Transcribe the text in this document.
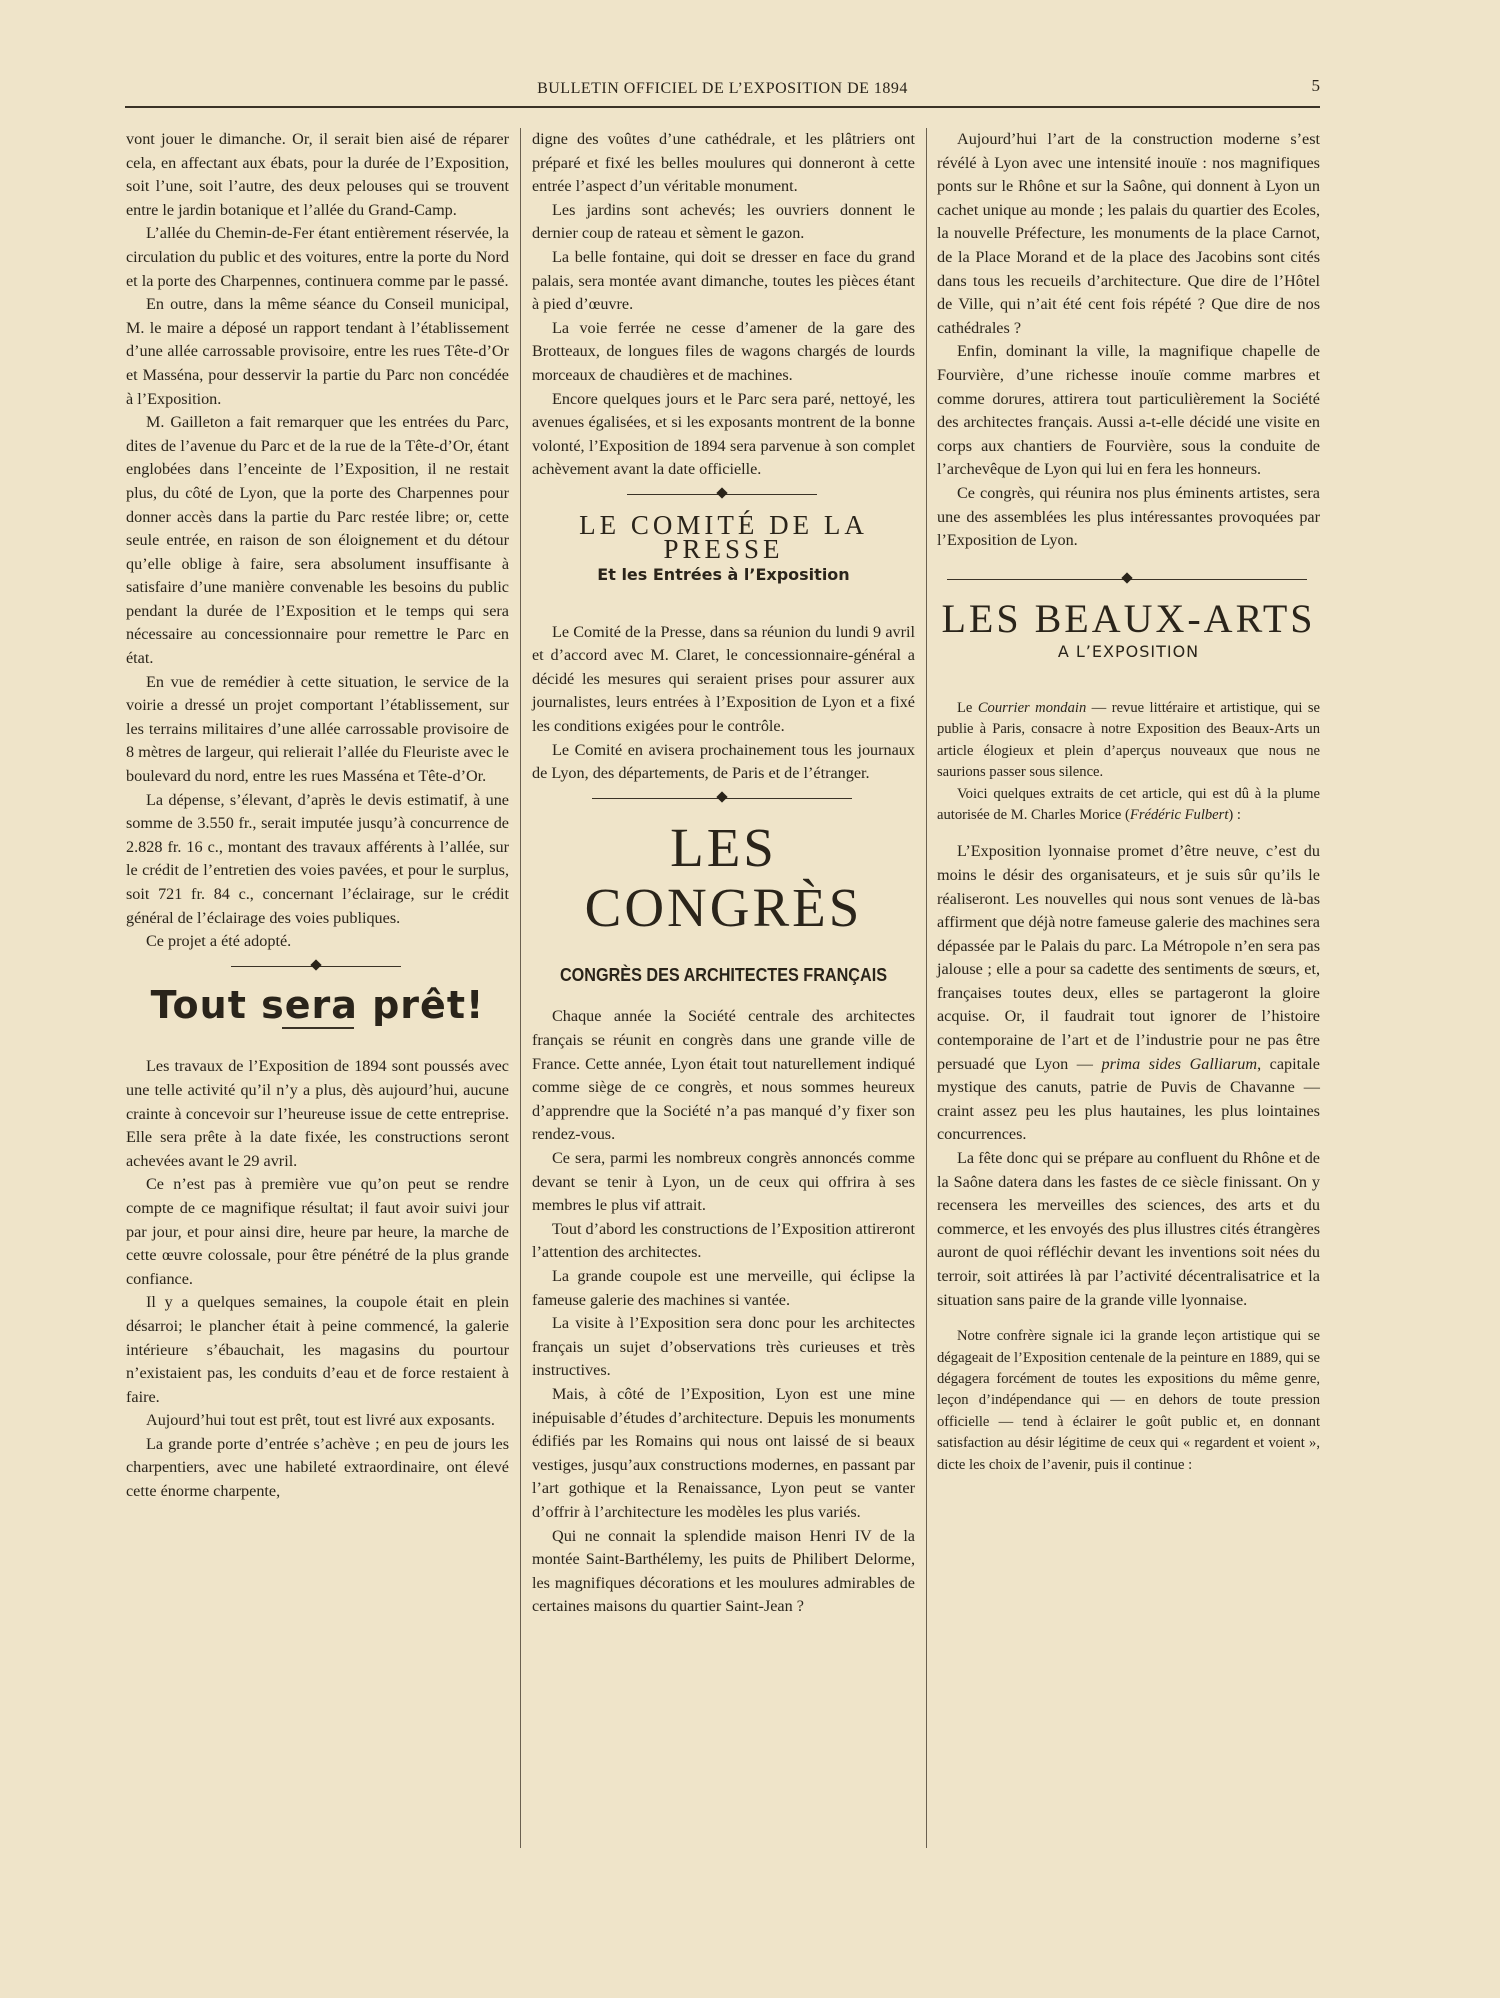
BULLETIN OFFICIEL DE L’EXPOSITION DE 1894	5

vont jouer le dimanche. Or, il serait bien aisé de réparer cela, en affectant aux ébats, pour la durée de l’Exposition, soit l’une, soit l’autre, des deux pelouses qui se trouvent entre le jardin botanique et l’allée du Grand-Camp.

L’allée du Chemin-de-Fer étant entièrement réservée, la circulation du public et des voitures, entre la porte du Nord et la porte des Charpennes, continuera comme par le passé.

En outre, dans la même séance du Conseil municipal, M. le maire a déposé un rapport tendant à l’établissement d’une allée carrossable provisoire, entre les rues Tête-d’Or et Masséna, pour desservir la partie du Parc non concédée à l’Exposition.

M. Gailleton a fait remarquer que les entrées du Parc, dites de l’avenue du Parc et de la rue de la Tête-d’Or, étant englobées dans l’enceinte de l’Exposition, il ne restait plus, du côté de Lyon, que la porte des Charpennes pour donner accès dans la partie du Parc restée libre; or, cette seule entrée, en raison de son éloignement et du détour qu’elle oblige à faire, sera absolument insuffisante à satisfaire d’une manière convenable les besoins du public pendant la durée de l’Exposition et le temps qui sera nécessaire au concessionnaire pour remettre le Parc en état.

En vue de remédier à cette situation, le service de la voirie a dressé un projet comportant l’établissement, sur les terrains militaires d’une allée carrossable provisoire de 8 mètres de largeur, qui relierait l’allée du Fleuriste avec le boulevard du nord, entre les rues Masséna et Tête-d’Or.

La dépense, s’élevant, d’après le devis estimatif, à une somme de 3.550 fr., serait imputée jusqu’à concurrence de 2.828 fr. 16 c., montant des travaux afférents à l’allée, sur le crédit de l’entretien des voies pavées, et pour le surplus, soit 721 fr. 84 c., concernant l’éclairage, sur le crédit général de l’éclairage des voies publiques.

Ce projet a été adopté.

Tout sera prêt!

Les travaux de l’Exposition de 1894 sont poussés avec une telle activité qu’il n’y a plus, dès aujourd’hui, aucune crainte à concevoir sur l’heureuse issue de cette entreprise. Elle sera prête à la date fixée, les constructions seront achevées avant le 29 avril.

Ce n’est pas à première vue qu’on peut se rendre compte de ce magnifique résultat; il faut avoir suivi jour par jour, et pour ainsi dire, heure par heure, la marche de cette œuvre colossale, pour être pénétré de la plus grande confiance.

Il y a quelques semaines, la coupole était en plein désarroi; le plancher était à peine commencé, la galerie intérieure s’ébauchait, les magasins du pourtour n’existaient pas, les conduits d’eau et de force restaient à faire.

Aujourd’hui tout est prêt, tout est livré aux exposants.

La grande porte d’entrée s’achève ; en peu de jours les charpentiers, avec une habileté extraordinaire, ont élevé cette énorme charpente,

digne des voûtes d’une cathédrale, et les plâtriers ont préparé et fixé les belles moulures qui donneront à cette entrée l’aspect d’un véritable monument.

Les jardins sont achevés; les ouvriers donnent le dernier coup de rateau et sèment le gazon.

La belle fontaine, qui doit se dresser en face du grand palais, sera montée avant dimanche, toutes les pièces étant à pied d’œuvre.

La voie ferrée ne cesse d’amener de la gare des Brotteaux, de longues files de wagons chargés de lourds morceaux de chaudières et de machines.

Encore quelques jours et le Parc sera paré, nettoyé, les avenues égalisées, et si les exposants montrent de la bonne volonté, l’Exposition de 1894 sera parvenue à son complet achèvement avant la date officielle.

LE COMITÉ DE LA PRESSE
Et les Entrées à l’Exposition

Le Comité de la Presse, dans sa réunion du lundi 9 avril et d’accord avec M. Claret, le concessionnaire-général a décidé les mesures qui seraient prises pour assurer aux journalistes, leurs entrées à l’Exposition de Lyon et a fixé les conditions exigées pour le contrôle.

Le Comité en avisera prochainement tous les journaux de Lyon, des départements, de Paris et de l’étranger.

LES CONGRÈS
CONGRÈS DES ARCHITECTES FRANÇAIS

Chaque année la Société centrale des architectes français se réunit en congrès dans une grande ville de France. Cette année, Lyon était tout naturellement indiqué comme siège de ce congrès, et nous sommes heureux d’apprendre que la Société n’a pas manqué d’y fixer son rendez-vous.

Ce sera, parmi les nombreux congrès annoncés comme devant se tenir à Lyon, un de ceux qui offrira à ses membres le plus vif attrait.

Tout d’abord les constructions de l’Exposition attireront l’attention des architectes.

La grande coupole est une merveille, qui éclipse la fameuse galerie des machines si vantée.

La visite à l’Exposition sera donc pour les architectes français un sujet d’observations très curieuses et très instructives.

Mais, à côté de l’Exposition, Lyon est une mine inépuisable d’études d’architecture. Depuis les monuments édifiés par les Romains qui nous ont laissé de si beaux vestiges, jusqu’aux constructions modernes, en passant par l’art gothique et la Renaissance, Lyon peut se vanter d’offrir à l’architecture les modèles les plus variés.

Qui ne connait la splendide maison Henri IV de la montée Saint-Barthélemy, les puits de Philibert Delorme, les magnifiques décorations et les moulures admirables de certaines maisons du quartier Saint-Jean ?

Aujourd’hui l’art de la construction moderne s’est révélé à Lyon avec une intensité inouïe : nos magnifiques ponts sur le Rhône et sur la Saône, qui donnent à Lyon un cachet unique au monde ; les palais du quartier des Ecoles, la nouvelle Préfecture, les monuments de la place Carnot, de la Place Morand et de la place des Jacobins sont cités dans tous les recueils d’architecture. Que dire de l’Hôtel de Ville, qui n’ait été cent fois répété ? Que dire de nos cathédrales ?

Enfin, dominant la ville, la magnifique chapelle de Fourvière, d’une richesse inouïe comme marbres et comme dorures, attirera tout particulièrement la Société des architectes français. Aussi a-t-elle décidé une visite en corps aux chantiers de Fourvière, sous la conduite de l’archevêque de Lyon qui lui en fera les honneurs.

Ce congrès, qui réunira nos plus éminents artistes, sera une des assemblées les plus intéressantes provoquées par l’Exposition de Lyon.

LES BEAUX-ARTS
A L’EXPOSITION

Le Courrier mondain — revue littéraire et artistique, qui se publie à Paris, consacre à notre Exposition des Beaux-Arts un article élogieux et plein d’aperçus nouveaux que nous ne saurions passer sous silence.

Voici quelques extraits de cet article, qui est dû à la plume autorisée de M. Charles Morice (Frédéric Fulbert) :

L’Exposition lyonnaise promet d’être neuve, c’est du moins le désir des organisateurs, et je suis sûr qu’ils le réaliseront. Les nouvelles qui nous sont venues de là-bas affirment que déjà notre fameuse galerie des machines sera dépassée par le Palais du parc. La Métropole n’en sera pas jalouse ; elle a pour sa cadette des sentiments de sœurs, et, françaises toutes deux, elles se partageront la gloire acquise. Or, il faudrait tout ignorer de l’histoire contemporaine de l’art et de l’industrie pour ne pas être persuadé que Lyon — prima sides Galliarum, capitale mystique des canuts, patrie de Puvis de Chavanne — craint assez peu les plus hautaines, les plus lointaines concurrences.

La fête donc qui se prépare au confluent du Rhône et de la Saône datera dans les fastes de ce siècle finissant. On y recensera les merveilles des sciences, des arts et du commerce, et les envoyés des plus illustres cités étrangères auront de quoi réfléchir devant les inventions soit nées du terroir, soit attirées là par l’activité décentralisatrice et la situation sans paire de la grande ville lyonnaise.

Notre confrère signale ici la grande leçon artistique qui se dégageait de l’Exposition centenale de la peinture en 1889, qui se dégagera forcément de toutes les expositions du même genre, leçon d’indépendance qui — en dehors de toute pression officielle — tend à éclairer le goût public et, en donnant satisfaction au désir légitime de ceux qui « regardent et voient », dicte les choix de l’avenir, puis il continue :
